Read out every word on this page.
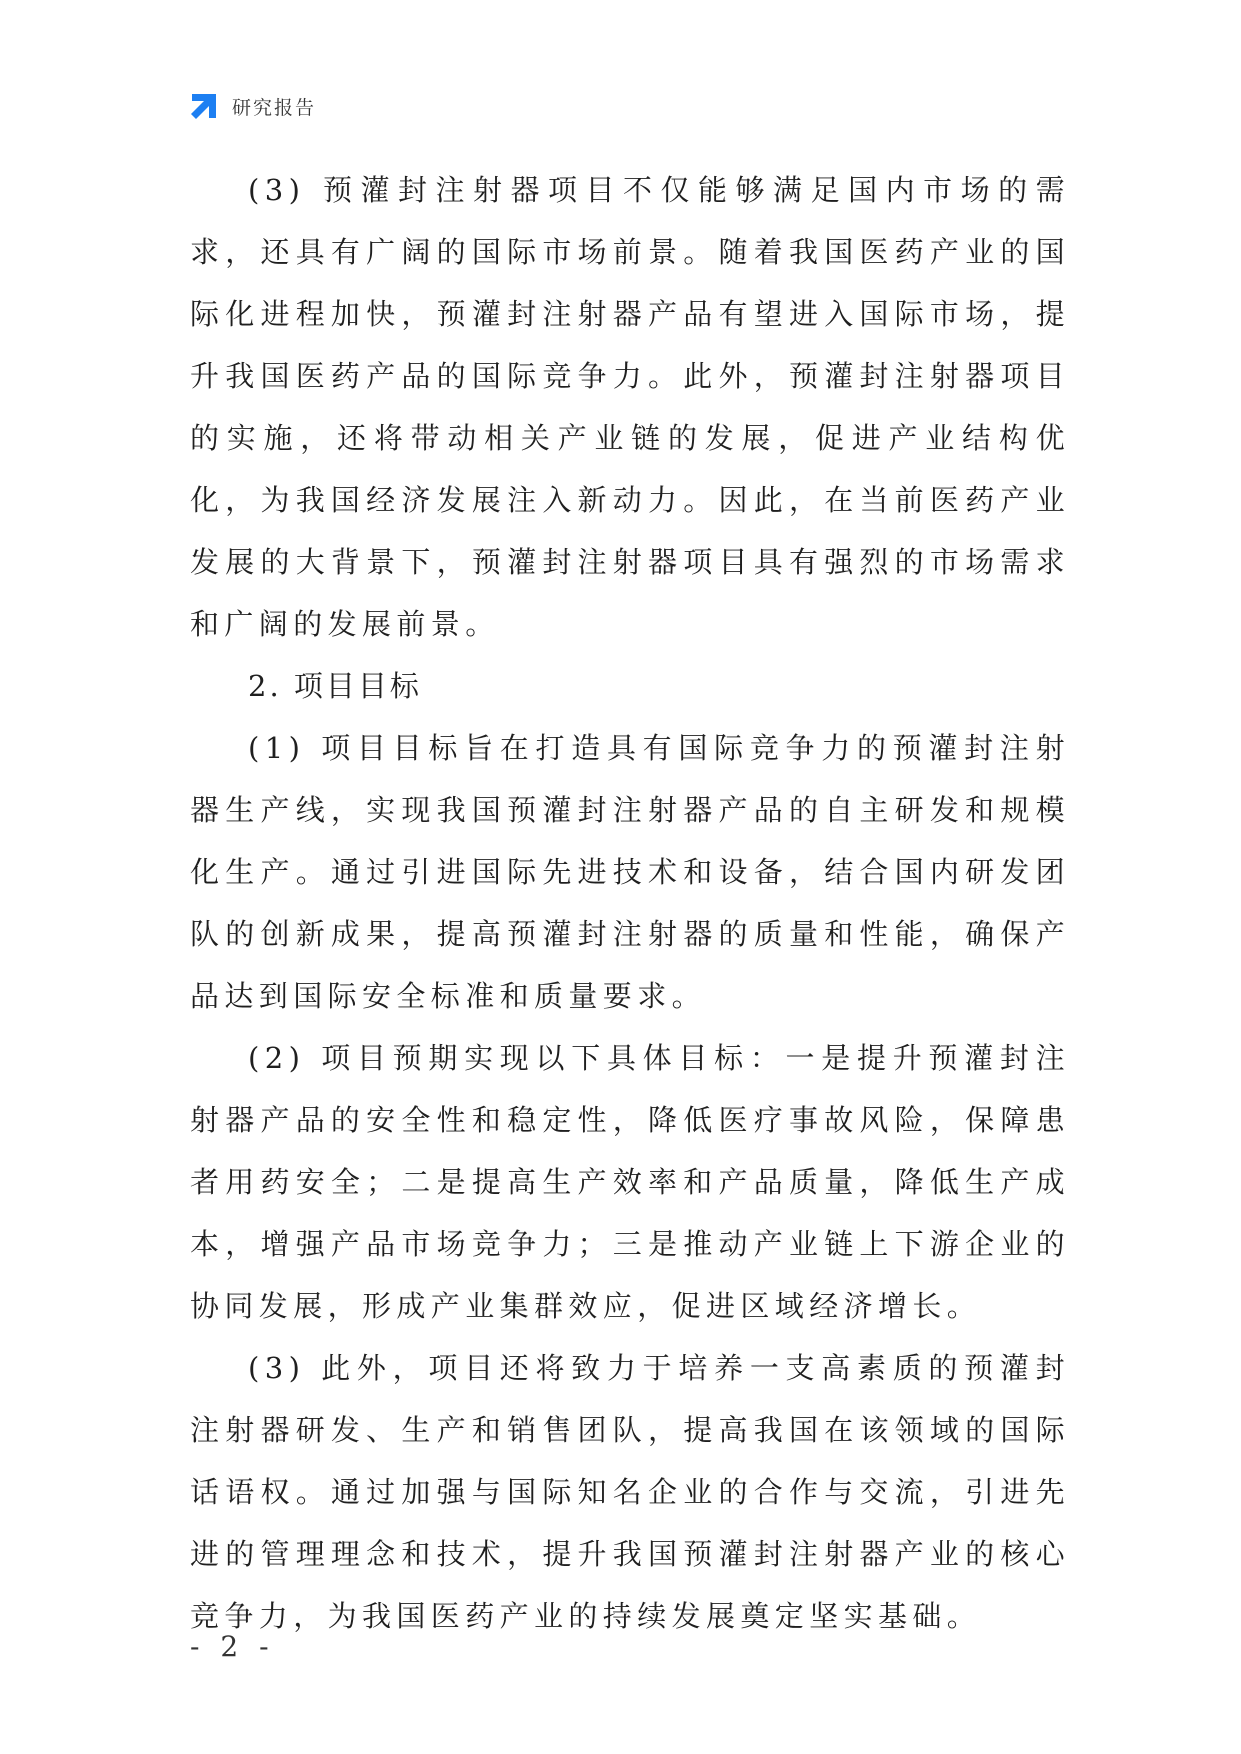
研究报告

(3) 预灌封注射器项目不仅能够满足国内市场的需求，还具有广阔的国际市场前景。随着我国医药产业的国际化进程加快，预灌封注射器产品有望进入国际市场，提升我国医药产品的国际竞争力。此外，预灌封注射器项目的实施，还将带动相关产业链的发展，促进产业结构优化，为我国经济发展注入新动力。因此，在当前医药产业发展的大背景下，预灌封注射器项目具有强烈的市场需求和广阔的发展前景。

2. 项目目标

(1) 项目目标旨在打造具有国际竞争力的预灌封注射器生产线，实现我国预灌封注射器产品的自主研发和规模化生产。通过引进国际先进技术和设备，结合国内研发团队的创新成果，提高预灌封注射器的质量和性能，确保产品达到国际安全标准和质量要求。

(2) 项目预期实现以下具体目标：一是提升预灌封注射器产品的安全性和稳定性，降低医疗事故风险，保障患者用药安全；二是提高生产效率和产品质量，降低生产成本，增强产品市场竞争力；三是推动产业链上下游企业的协同发展，形成产业集群效应，促进区域经济增长。

(3) 此外，项目还将致力于培养一支高素质的预灌封注射器研发、生产和销售团队，提高我国在该领域的国际话语权。通过加强与国际知名企业的合作与交流，引进先进的管理理念和技术，提升我国预灌封注射器产业的核心竞争力，为我国医药产业的持续发展奠定坚实基础。

- 2 -
